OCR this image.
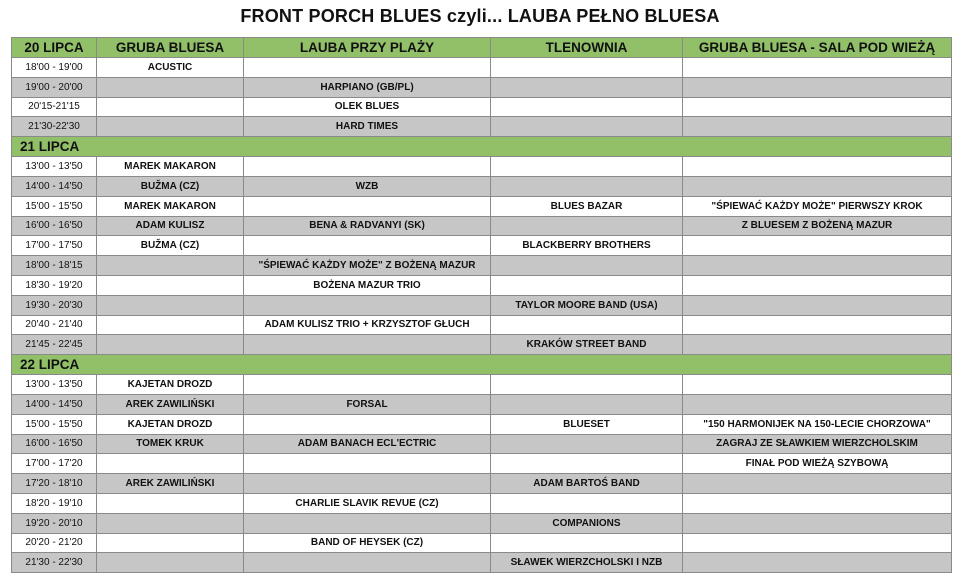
FRONT PORCH BLUES czyli... LAUBA PEŁNO BLUESA
20 LIPCA	GRUBA BLUESA	LAUBA PRZY PLAŻY	TLENOWNIA	GRUBA BLUESA - SALA POD WIEŻĄ
18'00 - 19'00	ACUSTIC			
19'00 - 20'00		HARPIANO (GB/PL)		
20'15-21'15		OLEK BLUES		
21'30-22'30		HARD TIMES		
21 LIPCA				
13'00 - 13'50	MAREK MAKARON			
14'00 - 14'50	BUŽMA (CZ)	WZB		
15'00 - 15'50	MAREK MAKARON		BLUES BAZAR	"ŚPIEWAĆ KAŻDY MOŻE" PIERWSZY KROK
16'00 - 16'50	ADAM KULISZ	BENA & RADVANYI (SK)		Z BLUESEM Z BOŻENĄ MAZUR
17'00 - 17'50	BUŽMA (CZ)		BLACKBERRY BROTHERS	
18'00 - 18'15		"ŚPIEWAĆ KAŻDY MOŻE" Z BOŻENĄ MAZUR		
18'30 - 19'20		BOŻENA MAZUR TRIO		
19'30 - 20'30			TAYLOR MOORE BAND (USA)	
20'40 - 21'40		ADAM KULISZ TRIO + KRZYSZTOF GŁUCH		
21'45 - 22'45			KRAKÓW STREET BAND	
22 LIPCA				
13'00 - 13'50	KAJETAN DROZD			
14'00 - 14'50	AREK ZAWILIŃSKI	FORSAL		
15'00 - 15'50	KAJETAN DROZD		BLUESET	"150 HARMONIJEK NA 150-LECIE CHORZOWA"
16'00 - 16'50	TOMEK KRUK	ADAM BANACH ECL'ECTRIC		ZAGRAJ ZE SŁAWKIEM WIERZCHOLSKIM
17'00 - 17'20				FINAŁ POD WIEŻĄ SZYBOWĄ
17'20 - 18'10	AREK ZAWILIŃSKI		ADAM BARTOŚ BAND	
18'20 - 19'10		CHARLIE SLAVIK REVUE (CZ)		
19'20 - 20'10			COMPANIONS	
20'20 - 21'20		BAND OF HEYSEK (CZ)		
21'30 - 22'30			SŁAWEK WIERZCHOLSKI I NZB	
